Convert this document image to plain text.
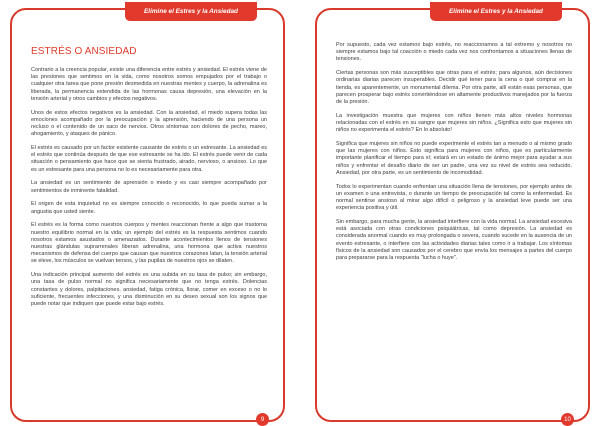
Elimine el Estres y la Ansiedad
ESTRÉS O ANSIEDAD

Contrario a la creencia popular, existe una diferencia entre estrés y ansiedad. El estrés viene de las presiones que sentimos en la vida, como nosotros somos empujados por el trabajo o cualquier otra tarea que pone presión desmedida en nuestras mentes y cuerpo, la adrenalina es liberada, la permanencia extendida de las hormonas causa depresión, una elevación en la tensión arterial y otros cambios y efectos negativos.

Unos de estos efectos negativos es la ansiedad. Con la ansiedad, el miedo supera todas las emociones acompañado por la preocupación y la aprensión, haciendo de una persona un recluso o el contenido de un saco de nervios. Otros síntomas son dolores de pecho, mareo, ahogamiento, y ataques de pánico.

El estrés es causado por un factor existente causante de estrés o un estresante. La ansiedad es el estrés que continúa después de que ese estresante se ha ido. El estrés puede venir de cada situación o pensamiento que hace que se sienta frustrado, airado, nervioso, o ansioso. Lo que es un estresante para una persona no lo es necesariamente para otra.

La ansiedad es un sentimiento de aprensión o miedo y es casi siempre acompañado por sentimientos de inminente fatalidad.

El origen de esta inquietud no es siempre conocido o reconocido, lo que pueda sumar a la angustia que usted siente.

El estrés es la forma como nuestros cuerpos y mentes reaccionan frente a algo que trastorna nuestro equilibrio normal en la vida; un ejemplo del estrés es la respuesta sentimos cuando nosotros estamos asustados o amenazados. Durante acontecimientos llenos de tensiones nuestras glándulas suprarrenales liberan adrenalina, una hormona que activa nuestros mecanismos de defensa del cuerpo que causan que nuestros corazones latan, la tensión arterial se eleve, los músculos se vuelvan tensos, y las pupilas de nuestros ojos se dilaten.

Una indicación principal aumento del estrés es una subida en su tasa de pulso; sin embargo, una tasa de pulso normal no significa necesariamente que no tenga estrés. Dolencias constantes y dolores, palpitaciones, ansiedad, fatiga crónica, llorar, comer en exceso o no lo suficiente, frecuentes infecciones, y una disminución en su deseo sexual son los signos que puede notar que indiquen que puede estar bajo estrés.

9
Elimine el Estres y la Ansiedad

Por supuesto, cada vez estamos bajo estrés, no reaccionamos a tal extremo y nosotros no siempre estamos bajo tal coacción o miedo cada vez nos confrontamos a situaciones llenas de tensiones.

Ciertas personas son más susceptibles que otras para el estrés; para algunos, aún decisiones ordinarias diarias parecen insuperables. Decidir qué tener para la cena o qué comprar en la tienda, es aparentemente, un monumental dilema. Por otra parte, allí están esas personas, que parecen prosperar bajo estrés convirtiéndose en altamente productivos manejados por la fuerza de la presión.

La investigación muestra que mujeres con niños tienen más altos niveles hormonas relacionadas con el estrés en su sangre que mujeres sin niños. ¿Significa esto que mujeres sin niños no experimenta el estrés? En lo absoluto!

Significa que mujeres sin niños no puede experimente el estrés tan a menudo o al mismo grado que las mujeres con niños. Esto significa para mujeres con niños, que es particularmente importante planificar el tiempo para sí; estará en un estado de ánimo mejor para ayudar a sus niños y enfrentar el desafío diario de ser un padre, una vez su nivel de estrés sea reducido. Ansiedad, por otra parte, es un sentimiento de incomodidad.

Todos lo experimentan cuando enfrentan una situación llena de tensiones, por ejemplo antes de un examen o una entrevista, o durante un tiempo de preocupación tal como la enfermedad. Es normal sentirse ansioso al mirar algo difícil o peligroso y la ansiedad leve puede ser una experiencia positiva y útil.

Sin embargo, para mucha gente, la ansiedad interfiere con la vida normal. La ansiedad excesiva está asociada con otras condiciones psiquiátricas, tal como depresión. La ansiedad es considerada anormal cuando es muy prolongada o severa, cuando sucede en la ausencia de un evento estresante, o interfiere con las actividades diarias tales como ir a trabajar. Los síntomas físicos de la ansiedad son causados por el cerebro que envía los mensajes a partes del cuerpo para prepararse para la respuesta "lucha o huye".

10
